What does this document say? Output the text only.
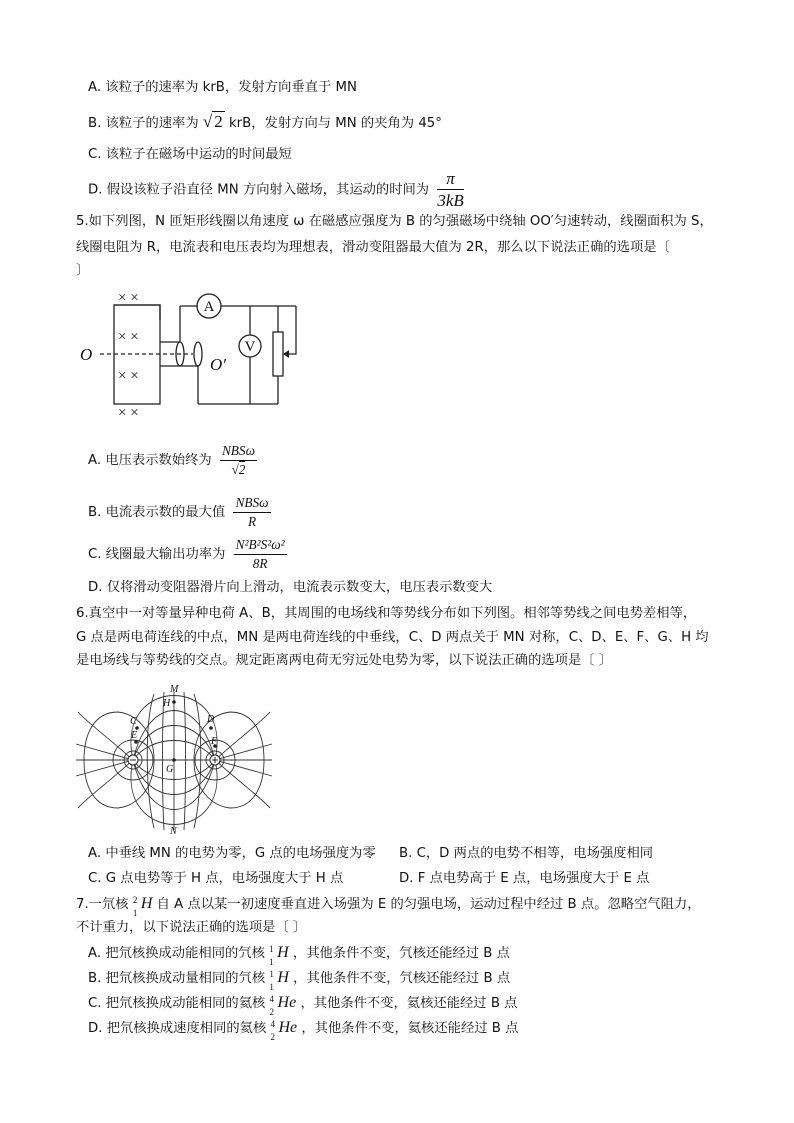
A. 该粒子的速率为 krB，发射方向垂直于 MN
B. 该粒子的速率为 √ 2 krB，发射方向与 MN 的夹角为 45°
C. 该粒子在磁场中运动的时间最短
D. 假设该粒子沿直径 MN 方向射入磁场，其运动的时间为 $\frac{\pi}{3kB}$
5.如下列图，N 匝矩形线圈以角速度 ω 在磁感应强度为 B 的匀强磁场中绕轴 OO′匀速转动，线圈面积为 S，
线圈电阻为 R，电流表和电压表均为理想表，滑动变阻器最大值为 2R，那么以下说法正确的选项是〔
〕
× ×
× ×
× ×
× ×
O
O′
A
V
A. 电压表示数始终为 $\frac{\text{NBSω}}{√2}$
B. 电流表示数的最大值 $\frac{\text{NBSω}}{R}$
C. 线圈最大输出功率为 $\frac{\text{N²B²S²ω²}}{8R}$
D. 仅将滑动变阻器滑片向上滑动，电流表示数变大，电压表示数变大
6.真空中一对等量异种电荷 A、B，其周围的电场线和等势线分布如下列图。相邻等势线之间电势差相等，
G 点是两电荷连线的中点，MN 是两电荷连线的中垂线，C、D 两点关于 MN 对称，C、D、E、F、G、H 均
是电场线与等势线的交点。规定距离两电荷无穷远处电势为零，以下说法正确的选项是〔 〕
M
N
H
C	D
E
F
G
A. 中垂线 MN 的电势为零，G 点的电场强度为零 B. C，D 两点的电势不相等，电场强度相同
C. G 点电势等于 H 点，电场强度大于 H 点	D. F 点电势高于 E 点，电场强度大于 E 点
7.一氘核 2
1
H 自 A 点以某一初速度垂直进入场强为 E 的匀强电场，运动过程中经过 B 点。忽略空气阻力，
不计重力，以下说法正确的选项是〔 〕
A. 把氘核换成动能相同的氕核 1
1
H ，其他条件不变，氕核还能经过 B 点
B. 把氘核换成动量相同的氕核 1
1
H ，其他条件不变，氕核还能经过 B 点
C. 把氘核换成动能相同的氦核 4
2
He ，其他条件不变，氦核还能经过 B 点
D. 把氘核换成速度相同的氦核 4
2
He ，其他条件不变，氦核还能经过 B 点
